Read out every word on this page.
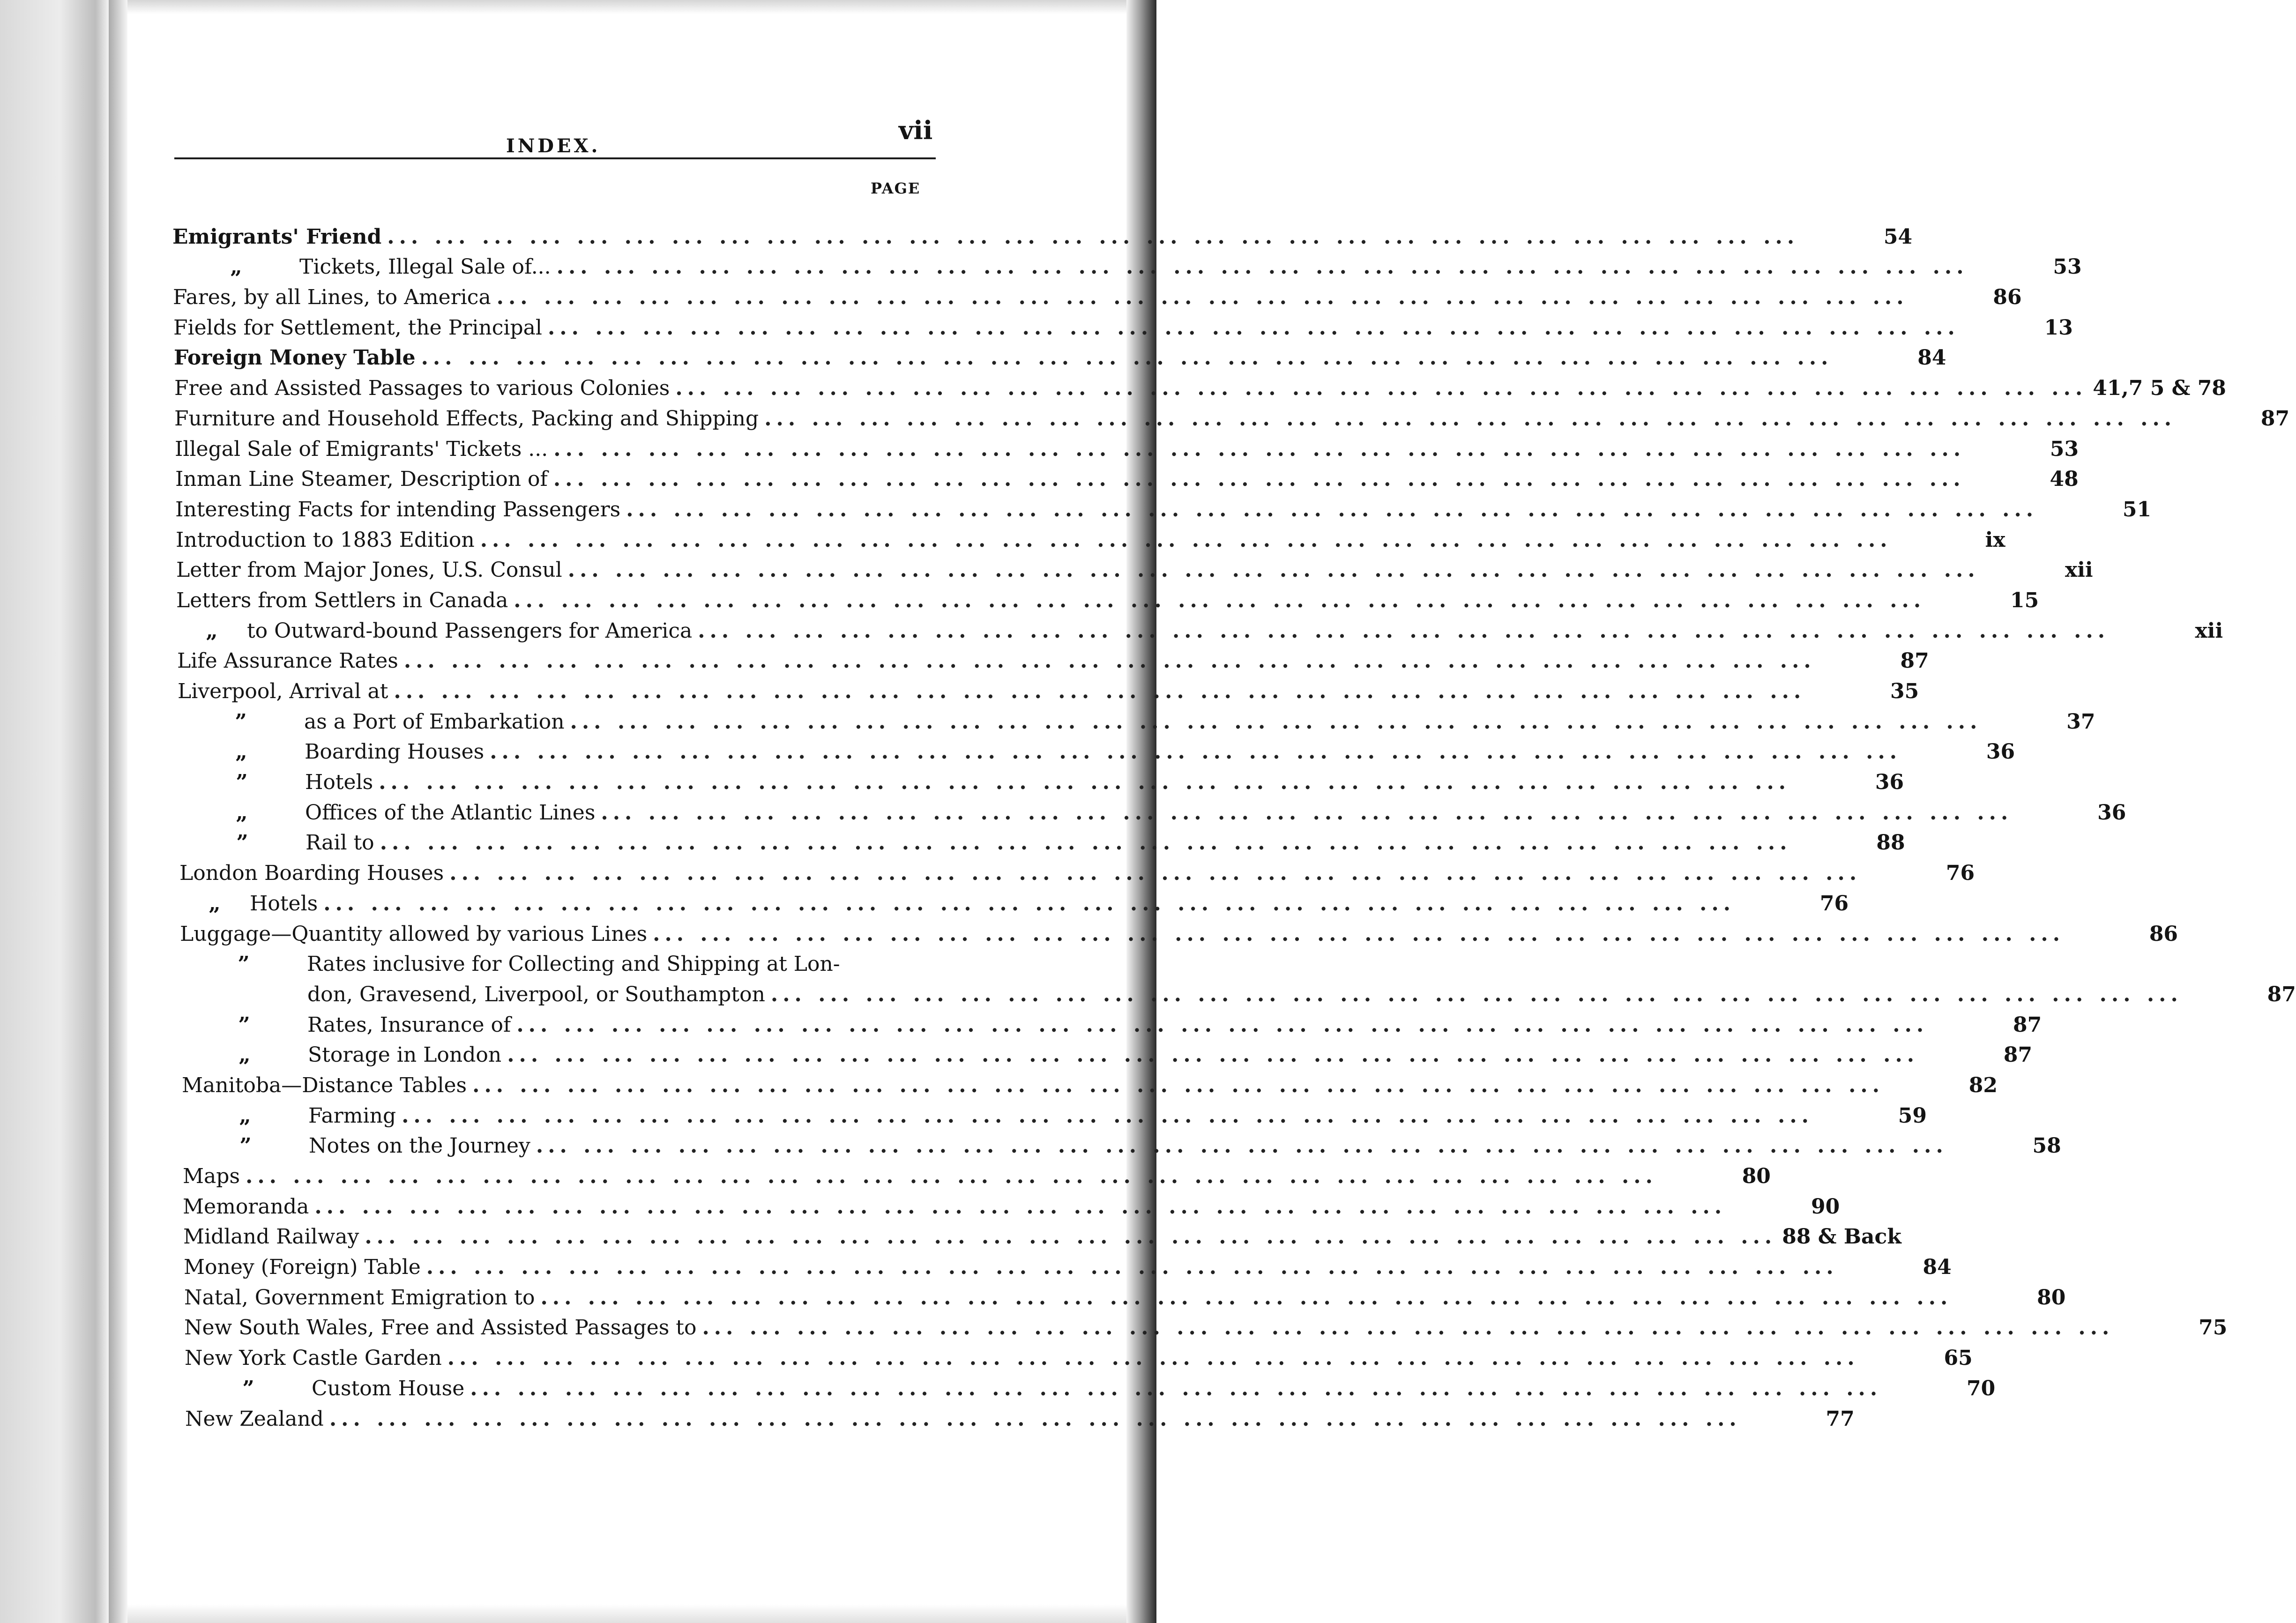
INDEX.
vii
PAGE
Emigrants' Friend ... ... ... ... ... ... ... ... ... ... ... ... ... ... ... ... ... ... ... ... ... ... ... ... ... ... ... ... ... ...	54
„	Tickets, Illegal Sale of... ... ... ... ... ... ... ... ... ... ... ... ... ... ... ... ... ... ... ... ... ... ... ... ... ... ... ... ... ... ...	53
Fares, by all Lines, to America ... ... ... ... ... ... ... ... ... ... ... ... ... ... ... ... ... ... ... ... ... ... ... ... ... ... ... ... ... ...	86
Fields for Settlement, the Principal ... ... ... ... ... ... ... ... ... ... ... ... ... ... ... ... ... ... ... ... ... ... ... ... ... ... ... ... ... ...	13
Foreign Money Table ... ... ... ... ... ... ... ... ... ... ... ... ... ... ... ... ... ... ... ... ... ... ... ... ... ... ... ... ... ...	84
Free and Assisted Passages to various Colonies ... ... ... ... ... ... ... ... ... ... ... ... ... ... ... ... ... ... ... ... ... ... ... ... ... ... ... ... ... ... 41,7 5 & 78
Furniture and Household Effects, Packing and Shipping ... ... ... ... ... ... ... ... ... ... ... ... ... ... ... ... ... ... ... ... ... ... ... ... ... ... ... ... ... ...	87
Illegal Sale of Emigrants' Tickets ... ... ... ... ... ... ... ... ... ... ... ... ... ... ... ... ... ... ... ... ... ... ... ... ... ... ... ... ... ... ...	53
Inman Line Steamer, Description of ... ... ... ... ... ... ... ... ... ... ... ... ... ... ... ... ... ... ... ... ... ... ... ... ... ... ... ... ... ...	48
Interesting Facts for intending Passengers ... ... ... ... ... ... ... ... ... ... ... ... ... ... ... ... ... ... ... ... ... ... ... ... ... ... ... ... ... ...	51
Introduction to 1883 Edition ... ... ... ... ... ... ... ... ... ... ... ... ... ... ... ... ... ... ... ... ... ... ... ... ... ... ... ... ... ...	ix
Letter from Major Jones, U.S. Consul ... ... ... ... ... ... ... ... ... ... ... ... ... ... ... ... ... ... ... ... ... ... ... ... ... ... ... ... ... ...	xii
Letters from Settlers in Canada ... ... ... ... ... ... ... ... ... ... ... ... ... ... ... ... ... ... ... ... ... ... ... ... ... ... ... ... ... ...	15
„ to Outward-bound Passengers for America ... ... ... ... ... ... ... ... ... ... ... ... ... ... ... ... ... ... ... ... ... ... ... ... ... ... ... ... ... ...	xii
Life Assurance Rates ... ... ... ... ... ... ... ... ... ... ... ... ... ... ... ... ... ... ... ... ... ... ... ... ... ... ... ... ... ...	87
Liverpool, Arrival at ... ... ... ... ... ... ... ... ... ... ... ... ... ... ... ... ... ... ... ... ... ... ... ... ... ... ... ... ... ...	35
”	as a Port of Embarkation ... ... ... ... ... ... ... ... ... ... ... ... ... ... ... ... ... ... ... ... ... ... ... ... ... ... ... ... ... ...	37
„	Boarding Houses ... ... ... ... ... ... ... ... ... ... ... ... ... ... ... ... ... ... ... ... ... ... ... ... ... ... ... ... ... ...	36
”	Hotels ... ... ... ... ... ... ... ... ... ... ... ... ... ... ... ... ... ... ... ... ... ... ... ... ... ... ... ... ... ...	36
„	Offices of the Atlantic Lines ... ... ... ... ... ... ... ... ... ... ... ... ... ... ... ... ... ... ... ... ... ... ... ... ... ... ... ... ... ...	36
”	Rail to ... ... ... ... ... ... ... ... ... ... ... ... ... ... ... ... ... ... ... ... ... ... ... ... ... ... ... ... ... ...	88
London Boarding Houses ... ... ... ... ... ... ... ... ... ... ... ... ... ... ... ... ... ... ... ... ... ... ... ... ... ... ... ... ... ...	76
„ Hotels ... ... ... ... ... ... ... ... ... ... ... ... ... ... ... ... ... ... ... ... ... ... ... ... ... ... ... ... ... ...	76
Luggage—Quantity allowed by various Lines ... ... ... ... ... ... ... ... ... ... ... ... ... ... ... ... ... ... ... ... ... ... ... ... ... ... ... ... ... ...	86
”	Rates inclusive for Collecting and Shipping at Lon-
don, Gravesend, Liverpool, or Southampton ... ... ... ... ... ... ... ... ... ... ... ... ... ... ... ... ... ... ... ... ... ... ... ... ... ... ... ... ... ...	87
”	Rates, Insurance of ... ... ... ... ... ... ... ... ... ... ... ... ... ... ... ... ... ... ... ... ... ... ... ... ... ... ... ... ... ...	87
„	Storage in London ... ... ... ... ... ... ... ... ... ... ... ... ... ... ... ... ... ... ... ... ... ... ... ... ... ... ... ... ... ...	87
Manitoba—Distance Tables ... ... ... ... ... ... ... ... ... ... ... ... ... ... ... ... ... ... ... ... ... ... ... ... ... ... ... ... ... ...	82
„	Farming ... ... ... ... ... ... ... ... ... ... ... ... ... ... ... ... ... ... ... ... ... ... ... ... ... ... ... ... ... ...	59
”	Notes on the Journey ... ... ... ... ... ... ... ... ... ... ... ... ... ... ... ... ... ... ... ... ... ... ... ... ... ... ... ... ... ...	58
Maps ... ... ... ... ... ... ... ... ... ... ... ... ... ... ... ... ... ... ... ... ... ... ... ... ... ... ... ... ... ...	80
Memoranda ... ... ... ... ... ... ... ... ... ... ... ... ... ... ... ... ... ... ... ... ... ... ... ... ... ... ... ... ... ...	90
Midland Railway ... ... ... ... ... ... ... ... ... ... ... ... ... ... ... ... ... ... ... ... ... ... ... ... ... ... ... ... ... ... 88 & Back
Money (Foreign) Table ... ... ... ... ... ... ... ... ... ... ... ... ... ... ... ... ... ... ... ... ... ... ... ... ... ... ... ... ... ...	84
Natal, Government Emigration to ... ... ... ... ... ... ... ... ... ... ... ... ... ... ... ... ... ... ... ... ... ... ... ... ... ... ... ... ... ...	80
New South Wales, Free and Assisted Passages to ... ... ... ... ... ... ... ... ... ... ... ... ... ... ... ... ... ... ... ... ... ... ... ... ... ... ... ... ... ...	75
New York Castle Garden ... ... ... ... ... ... ... ... ... ... ... ... ... ... ... ... ... ... ... ... ... ... ... ... ... ... ... ... ... ...	65
”	Custom House ... ... ... ... ... ... ... ... ... ... ... ... ... ... ... ... ... ... ... ... ... ... ... ... ... ... ... ... ... ...	70
New Zealand ... ... ... ... ... ... ... ... ... ... ... ... ... ... ... ... ... ... ... ... ... ... ... ... ... ... ... ... ... ...	77
